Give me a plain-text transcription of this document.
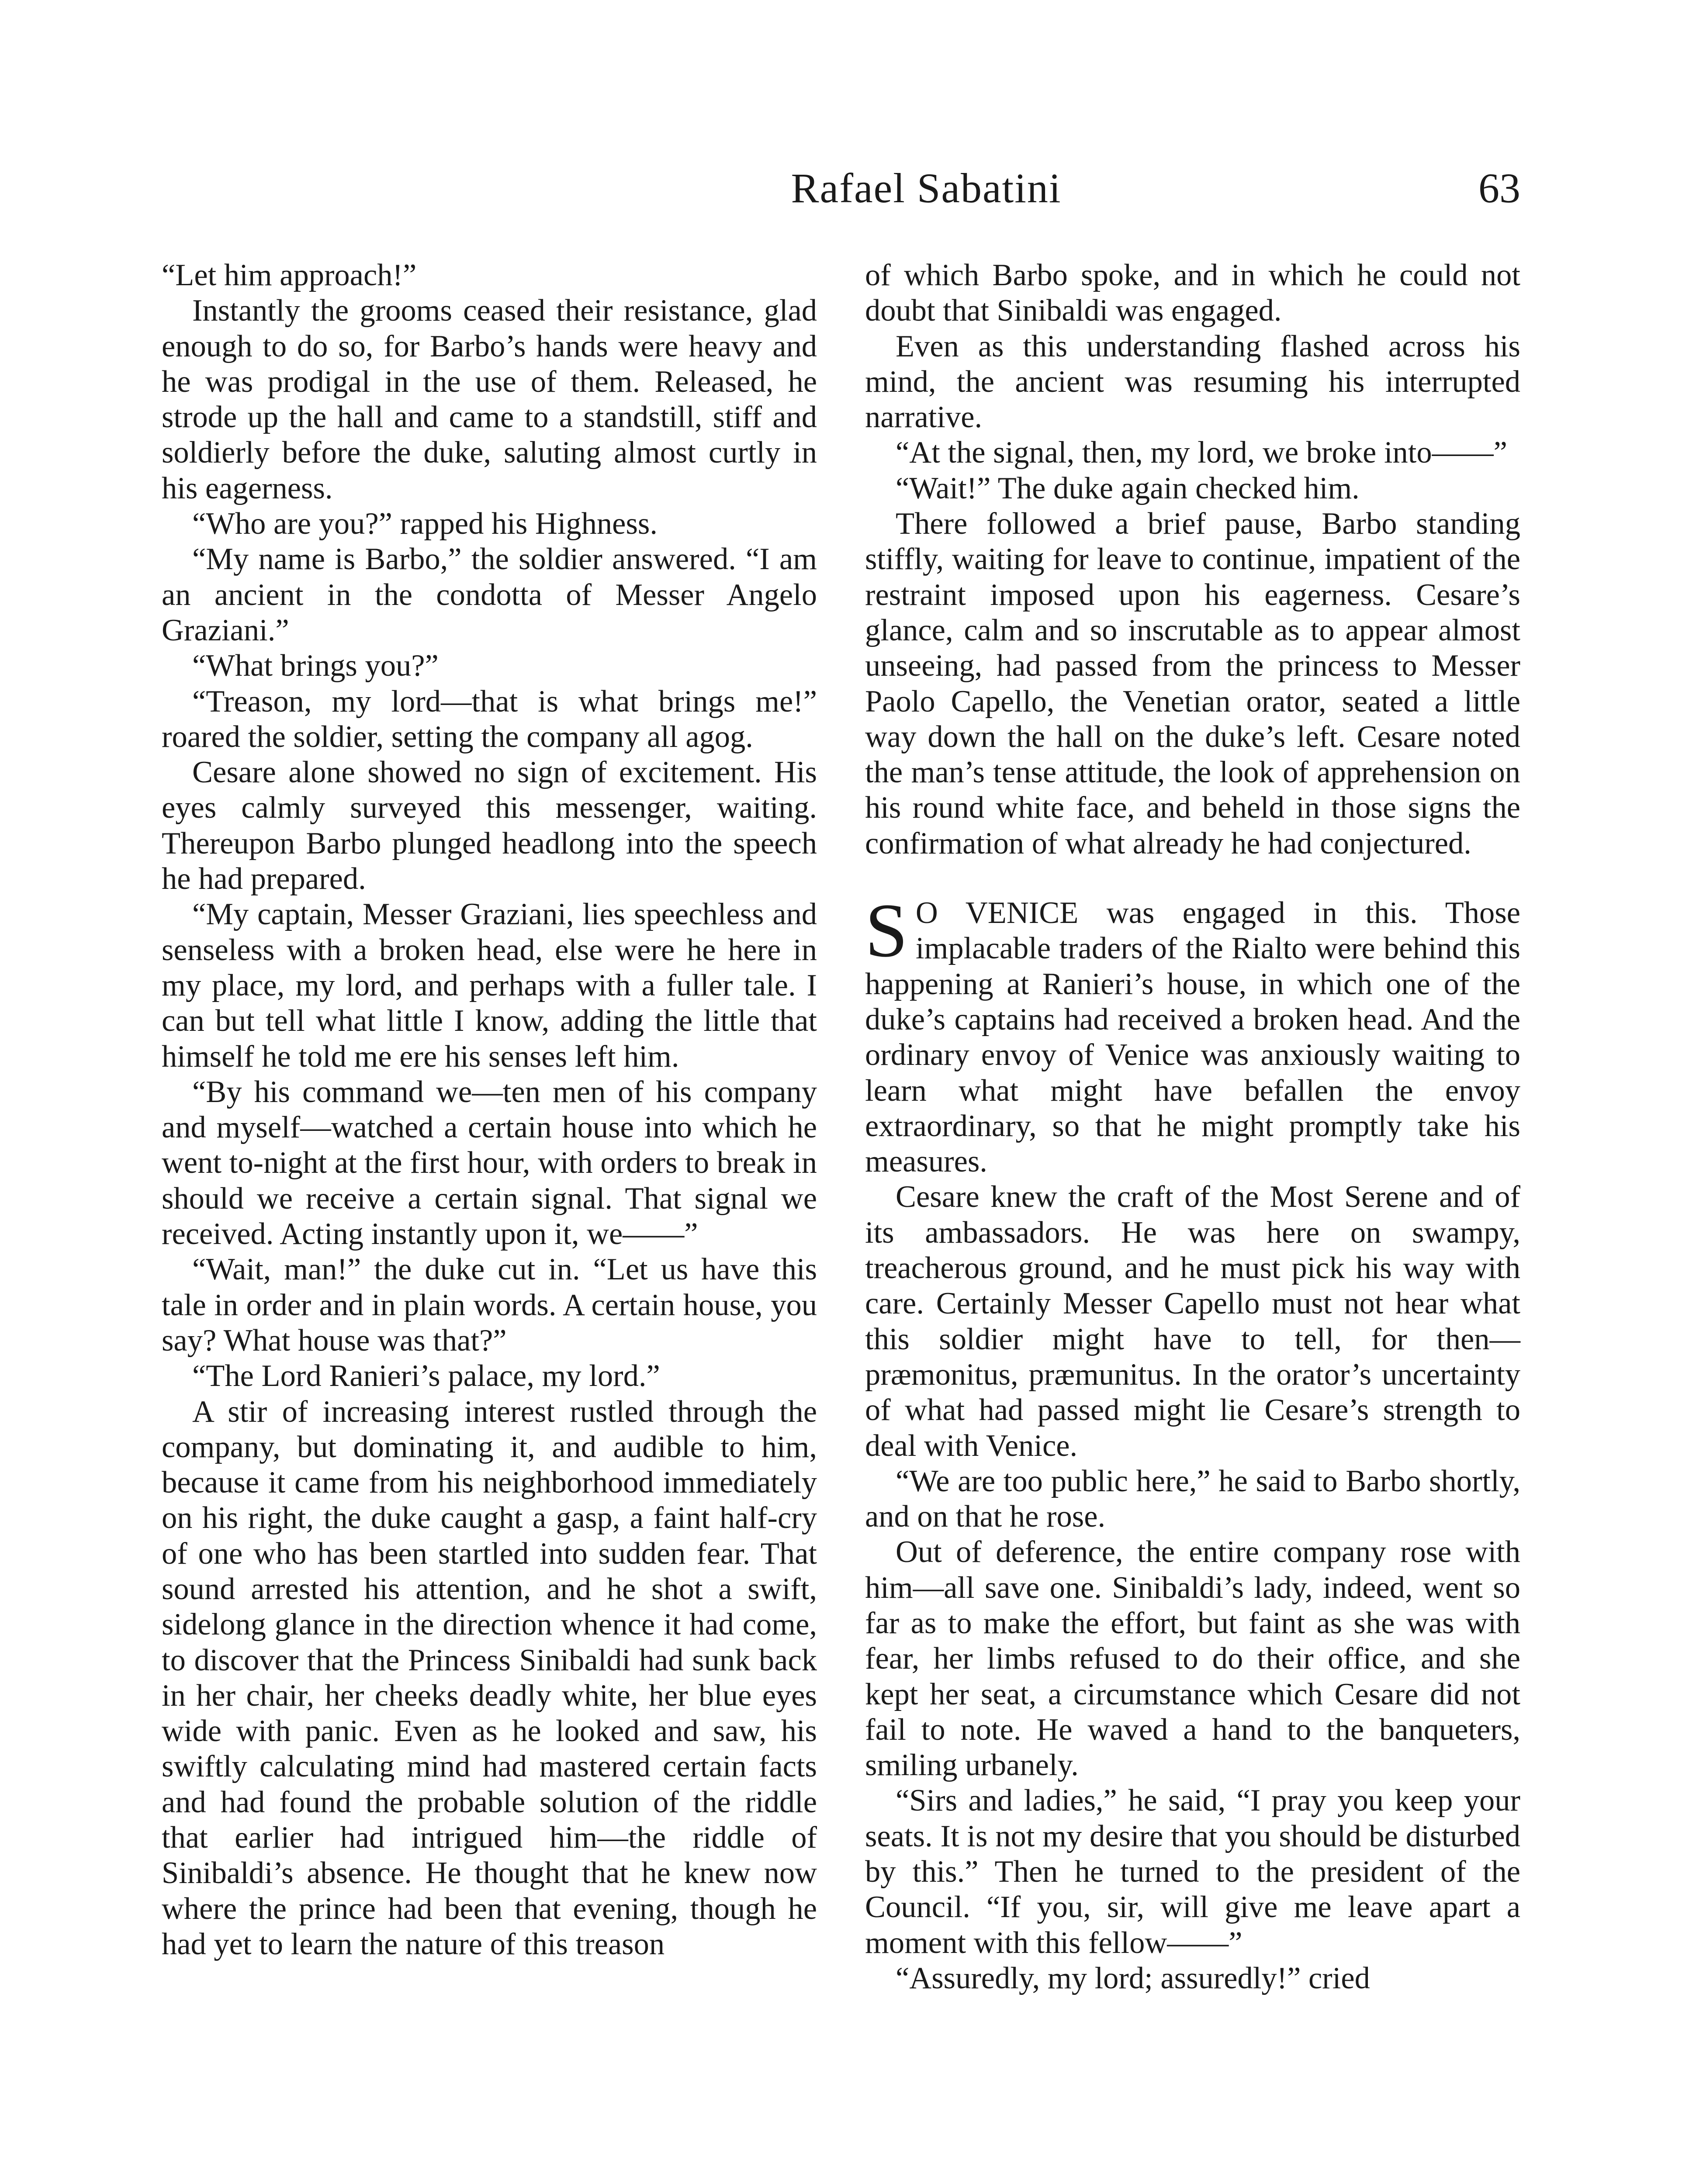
Rafael Sabatini	63

“Let him approach!”

Instantly the grooms ceased their resistance, glad enough to do so, for Barbo’s hands were heavy and he was prodigal in the use of them. Released, he strode up the hall and came to a standstill, stiff and soldierly before the duke, saluting almost curtly in his eagerness.

“Who are you?” rapped his Highness.

“My name is Barbo,” the soldier answered. “I am an ancient in the condotta of Messer Angelo Graziani.”

“What brings you?”

“Treason, my lord—that is what brings me!” roared the soldier, setting the company all agog.

Cesare alone showed no sign of excitement. His eyes calmly surveyed this messenger, waiting. Thereupon Barbo plunged headlong into the speech he had prepared.

“My captain, Messer Graziani, lies speechless and senseless with a broken head, else were he here in my place, my lord, and perhaps with a fuller tale. I can but tell what little I know, adding the little that himself he told me ere his senses left him.

“By his command we—ten men of his company and myself—watched a certain house into which he went to-night at the first hour, with orders to break in should we receive a certain signal. That signal we received. Acting instantly upon it, we——”

“Wait, man!” the duke cut in. “Let us have this tale in order and in plain words. A certain house, you say? What house was that?”

“The Lord Ranieri’s palace, my lord.”

A stir of increasing interest rustled through the company, but dominating it, and audible to him, because it came from his neighborhood immediately on his right, the duke caught a gasp, a faint half-cry of one who has been startled into sudden fear. That sound arrested his attention, and he shot a swift, sidelong glance in the direction whence it had come, to discover that the Princess Sinibaldi had sunk back in her chair, her cheeks deadly white, her blue eyes wide with panic. Even as he looked and saw, his swiftly calculating mind had mastered certain facts and had found the probable solution of the riddle that earlier had intrigued him—the riddle of Sinibaldi’s absence. He thought that he knew now where the prince had been that evening, though he had yet to learn the nature of this treason

of which Barbo spoke, and in which he could not doubt that Sinibaldi was engaged.

Even as this understanding flashed across his mind, the ancient was resuming his interrupted narrative.

“At the signal, then, my lord, we broke into——”

“Wait!” The duke again checked him.

There followed a brief pause, Barbo standing stiffly, waiting for leave to continue, impatient of the restraint imposed upon his eagerness. Cesare’s glance, calm and so inscrutable as to appear almost unseeing, had passed from the princess to Messer Paolo Capello, the Venetian orator, seated a little way down the hall on the duke’s left. Cesare noted the man’s tense attitude, the look of apprehension on his round white face, and beheld in those signs the confirmation of what already he had conjectured.

S O VENICE was engaged in this. Those implacable traders of the Rialto were behind this happening at Ranieri’s house, in which one of the duke’s captains had received a broken head. And the ordinary envoy of Venice was anxiously waiting to learn what might have befallen the envoy extraordinary, so that he might promptly take his measures.

Cesare knew the craft of the Most Serene and of its ambassadors. He was here on swampy, treacherous ground, and he must pick his way with care. Certainly Messer Capello must not hear what this soldier might have to tell, for then— præmonitus, præmunitus. In the orator’s uncertainty of what had passed might lie Cesare’s strength to deal with Venice.

“We are too public here,” he said to Barbo shortly, and on that he rose.

Out of deference, the entire company rose with him—all save one. Sinibaldi’s lady, indeed, went so far as to make the effort, but faint as she was with fear, her limbs refused to do their office, and she kept her seat, a circumstance which Cesare did not fail to note. He waved a hand to the banqueters, smiling urbanely.

“Sirs and ladies,” he said, “I pray you keep your seats. It is not my desire that you should be disturbed by this.” Then he turned to the president of the Council. “If you, sir, will give me leave apart a moment with this fellow——”

“Assuredly, my lord; assuredly!” cried
